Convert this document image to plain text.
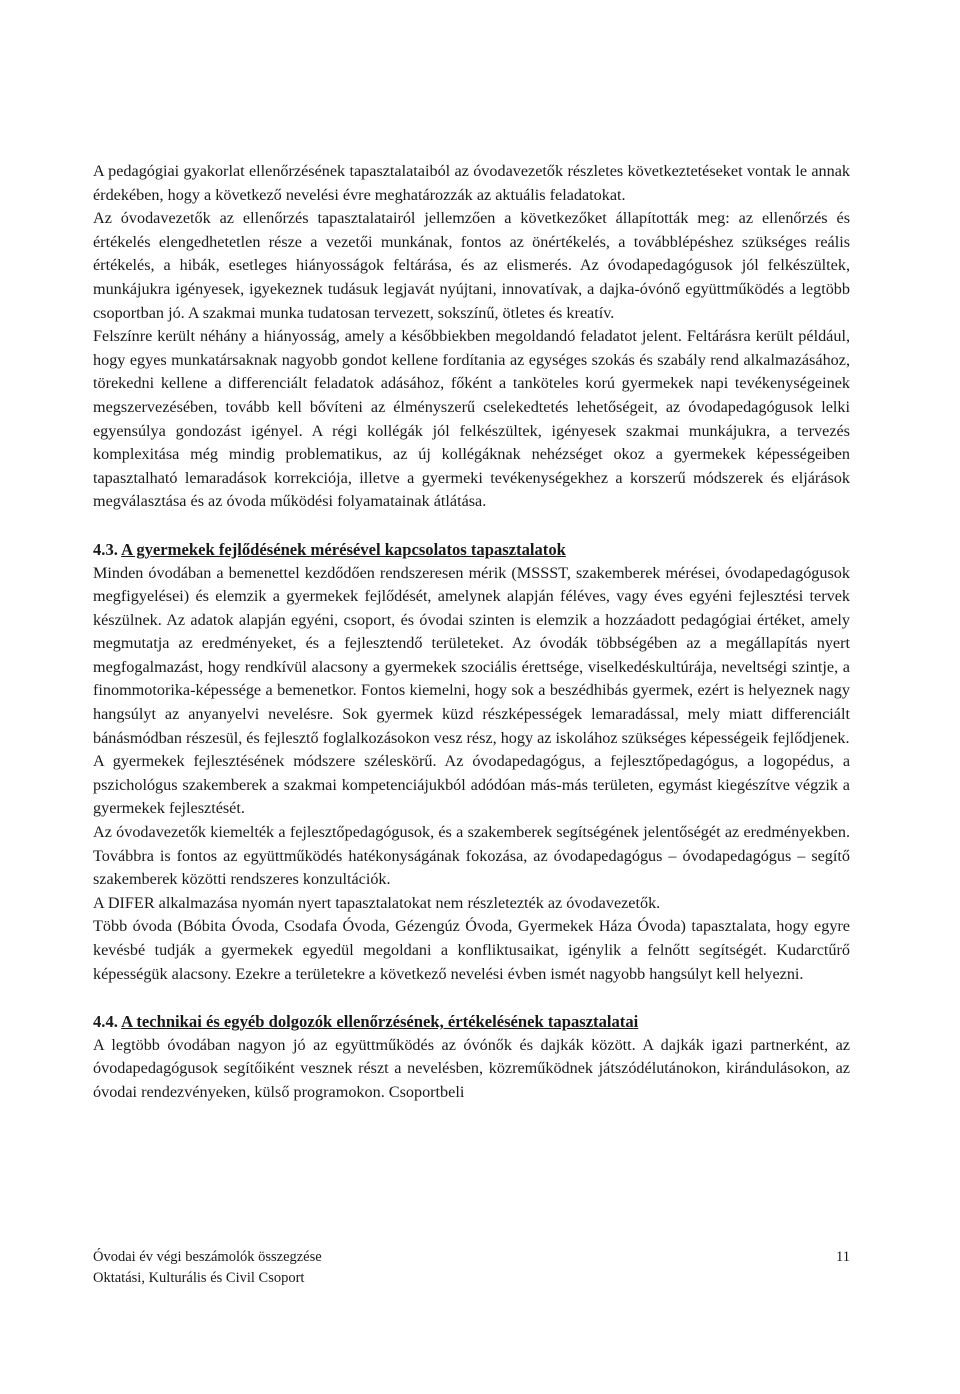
A pedagógiai gyakorlat ellenőrzésének tapasztalataiból az óvodavezetők részletes következtetéseket vontak le annak érdekében, hogy a következő nevelési évre meghatározzák az aktuális feladatokat.

Az óvodavezetők az ellenőrzés tapasztalatairól jellemzően a következőket állapították meg: az ellenőrzés és értékelés elengedhetetlen része a vezetői munkának, fontos az önértékelés, a továbblépéshez szükséges reális értékelés, a hibák, esetleges hiányosságok feltárása, és az elismerés. Az óvodapedagógusok jól felkészültek, munkájukra igényesek, igyekeznek tudásuk legjavát nyújtani, innovatívak, a dajka-óvónő együttműködés a legtöbb csoportban jó. A szakmai munka tudatosan tervezett, sokszínű, ötletes és kreatív.

Felszínre került néhány a hiányosság, amely a későbbiekben megoldandó feladatot jelent. Feltárásra került például, hogy egyes munkatársaknak nagyobb gondot kellene fordítania az egységes szokás és szabály rend alkalmazásához, törekedni kellene a differenciált feladatok adásához, főként a tanköteles korú gyermekek napi tevékenységeinek megszervezésében, tovább kell bővíteni az élményszerű cselekedtetés lehetőségeit, az óvodapedagógusok lelki egyensúlya gondozást igényel. A régi kollégák jól felkészültek, igényesek szakmai munkájukra, a tervezés komplexitása még mindig problematikus, az új kollégáknak nehézséget okoz a gyermekek képességeiben tapasztalható lemaradások korrekciója, illetve a gyermeki tevékenységekhez a korszerű módszerek és eljárások megválasztása és az óvoda működési folyamatainak átlátása.

4.3. A gyermekek fejlődésének mérésével kapcsolatos tapasztalatok

Minden óvodában a bemenettel kezdődően rendszeresen mérik (MSSST, szakemberek mérései, óvodapedagógusok megfigyelései) és elemzik a gyermekek fejlődését, amelynek alapján féléves, vagy éves egyéni fejlesztési tervek készülnek. Az adatok alapján egyéni, csoport, és óvodai szinten is elemzik a hozzáadott pedagógiai értéket, amely megmutatja az eredményeket, és a fejlesztendő területeket. Az óvodák többségében az a megállapítás nyert megfogalmazást, hogy rendkívül alacsony a gyermekek szociális érettsége, viselkedéskultúrája, neveltségi szintje, a finommotorika-képessége a bemenetkor. Fontos kiemelni, hogy sok a beszédhibás gyermek, ezért is helyeznek nagy hangsúlyt az anyanyelvi nevelésre. Sok gyermek küzd részképességek lemaradással, mely miatt differenciált bánásmódban részesül, és fejlesztő foglalkozásokon vesz rész, hogy az iskolához szükséges képességeik fejlődjenek.

A gyermekek fejlesztésének módszere széleskörű. Az óvodapedagógus, a fejlesztőpedagógus, a logopédus, a pszichológus szakemberek a szakmai kompetenciájukból adódóan más-más területen, egymást kiegészítve végzik a gyermekek fejlesztését.

Az óvodavezetők kiemelték a fejlesztőpedagógusok, és a szakemberek segítségének jelentőségét az eredményekben. Továbbra is fontos az együttműködés hatékonyságának fokozása, az óvodapedagógus – óvodapedagógus – segítő szakemberek közötti rendszeres konzultációk.

A DIFER alkalmazása nyomán nyert tapasztalatokat nem részletezték az óvodavezetők.

Több óvoda (Bóbita Óvoda, Csodafa Óvoda, Gézengúz Óvoda, Gyermekek Háza Óvoda) tapasztalata, hogy egyre kevésbé tudják a gyermekek egyedül megoldani a konfliktusaikat, igénylik a felnőtt segítségét. Kudarctűrő képességük alacsony. Ezekre a területekre a következő nevelési évben ismét nagyobb hangsúlyt kell helyezni.

4.4. A technikai és egyéb dolgozók ellenőrzésének, értékelésének tapasztalatai

A legtöbb óvodában nagyon jó az együttműködés az óvónők és dajkák között. A dajkák igazi partnerként, az óvodapedagógusok segítőiként vesznek részt a nevelésben, közreműködnek játszódélutánokon, kirándulásokon, az óvodai rendezvényeken, külső programokon. Csoportbeli

Óvodai év végi beszámolók összegzése
Oktatási, Kulturális és Civil Csoport
11
